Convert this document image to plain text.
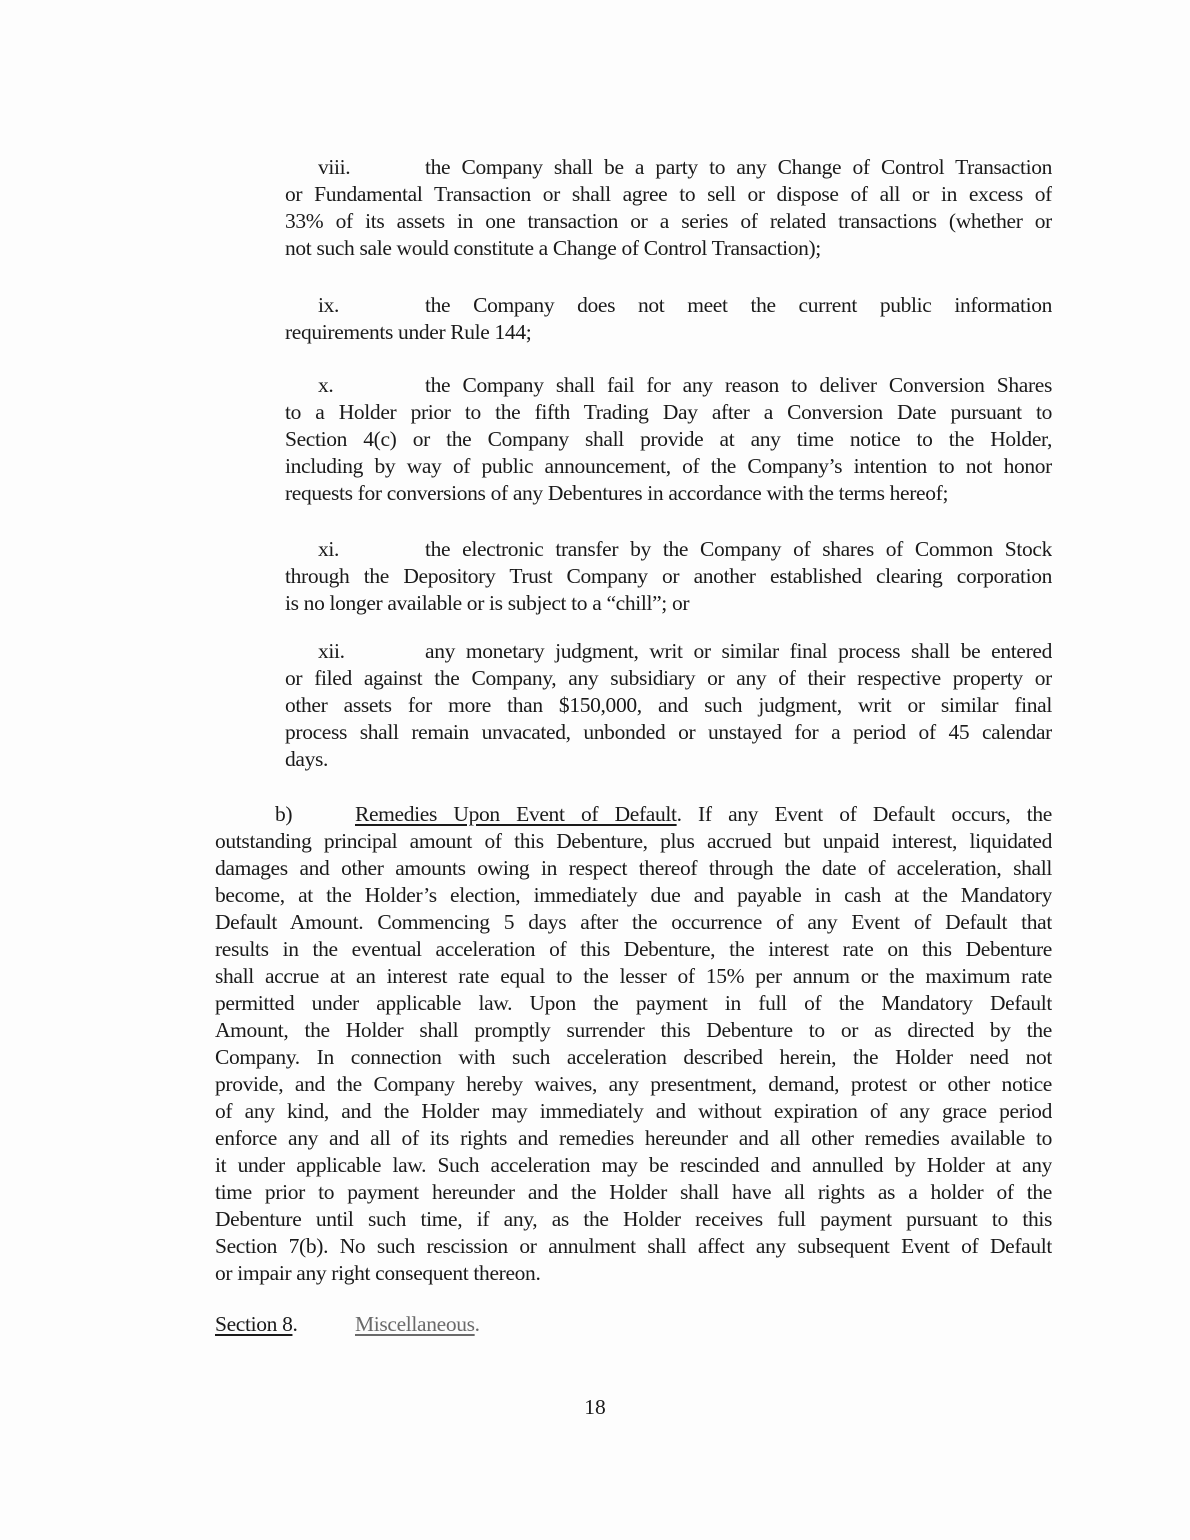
viii.	the Company shall be a party to any Change of Control Transaction
or Fundamental Transaction or shall agree to sell or dispose of all or in excess of
33% of its assets in one transaction or a series of related transactions (whether or
not such sale would constitute a Change of Control Transaction);
ix.	the Company does not meet the current public information
requirements under Rule 144;
x.	the Company shall fail for any reason to deliver Conversion Shares
to a Holder prior to the fifth Trading Day after a Conversion Date pursuant to
Section 4(c) or the Company shall provide at any time notice to the Holder,
including by way of public announcement, of the Company’s intention to not honor
requests for conversions of any Debentures in accordance with the terms hereof;
xi.	the electronic transfer by the Company of shares of Common Stock
through the Depository Trust Company or another established clearing corporation
is no longer available or is subject to a “chill”; or
xii.	any monetary judgment, writ or similar final process shall be entered
or filed against the Company, any subsidiary or any of their respective property or
other assets for more than $150,000, and such judgment, writ or similar final
process shall remain unvacated, unbonded or unstayed for a period of 45 calendar
days.
b)	Remedies Upon Event of Default. If any Event of Default occurs, the
outstanding principal amount of this Debenture, plus accrued but unpaid interest, liquidated
damages and other amounts owing in respect thereof through the date of acceleration, shall
become, at the Holder’s election, immediately due and payable in cash at the Mandatory
Default Amount. Commencing 5 days after the occurrence of any Event of Default that
results in the eventual acceleration of this Debenture, the interest rate on this Debenture
shall accrue at an interest rate equal to the lesser of 15% per annum or the maximum rate
permitted under applicable law. Upon the payment in full of the Mandatory Default
Amount, the Holder shall promptly surrender this Debenture to or as directed by the
Company. In connection with such acceleration described herein, the Holder need not
provide, and the Company hereby waives, any presentment, demand, protest or other notice
of any kind, and the Holder may immediately and without expiration of any grace period
enforce any and all of its rights and remedies hereunder and all other remedies available to
it under applicable law. Such acceleration may be rescinded and annulled by Holder at any
time prior to payment hereunder and the Holder shall have all rights as a holder of the
Debenture until such time, if any, as the Holder receives full payment pursuant to this
Section 7(b). No such rescission or annulment shall affect any subsequent Event of Default
or impair any right consequent thereon.
Section 8.	Miscellaneous.
18
